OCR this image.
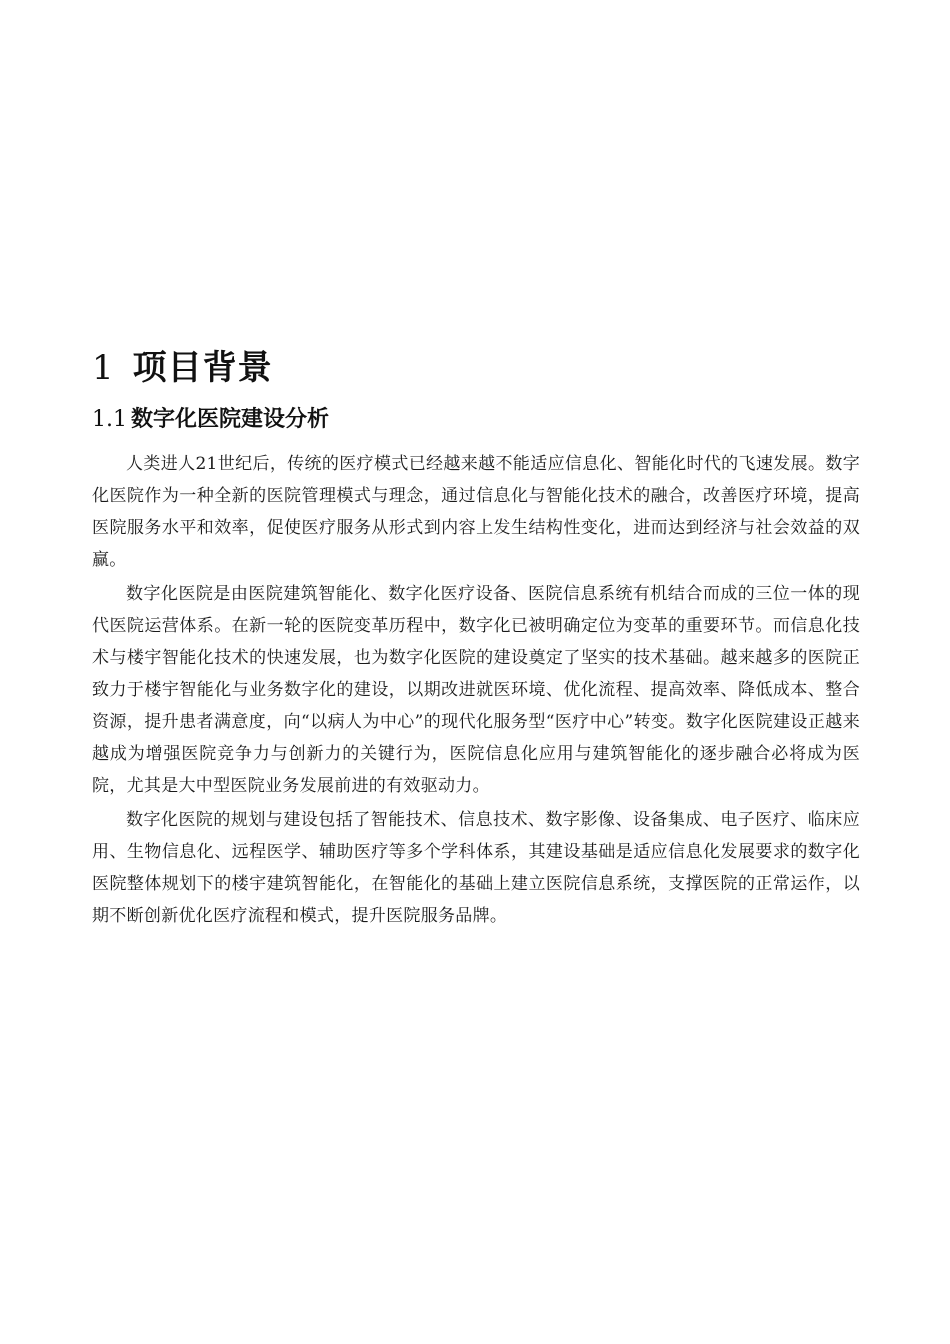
1 项目背景
1.1 数字化医院建设分析

人类进人21世纪后，传统的医疗模式已经越来越不能适应信息化、智能化时代的飞速发展。数字化医院作为一种全新的医院管理模式与理念，通过信息化与智能化技术的融合，改善医疗环境，提高医院服务水平和效率，促使医疗服务从形式到内容上发生结构性变化，进而达到经济与社会效益的双赢。

数字化医院是由医院建筑智能化、数字化医疗设备、医院信息系统有机结合而成的三位一体的现代医院运营体系。在新一轮的医院变革历程中，数字化已被明确定位为变革的重要环节。而信息化技术与楼宇智能化技术的快速发展，也为数字化医院的建设奠定了坚实的技术基础。越来越多的医院正致力于楼宇智能化与业务数字化的建设，以期改进就医环境、优化流程、提高效率、降低成本、整合资源，提升患者满意度，向“以病人为中心”的现代化服务型“医疗中心”转变。数字化医院建设正越来越成为增强医院竞争力与创新力的关键行为，医院信息化应用与建筑智能化的逐步融合必将成为医院，尤其是大中型医院业务发展前进的有效驱动力。

数字化医院的规划与建设包括了智能技术、信息技术、数字影像、设备集成、电子医疗、临床应用、生物信息化、远程医学、辅助医疗等多个学科体系，其建设基础是适应信息化发展要求的数字化医院整体规划下的楼宇建筑智能化，在智能化的基础上建立医院信息系统，支撑医院的正常运作，以期不断创新优化医疗流程和模式，提升医院服务品牌。
